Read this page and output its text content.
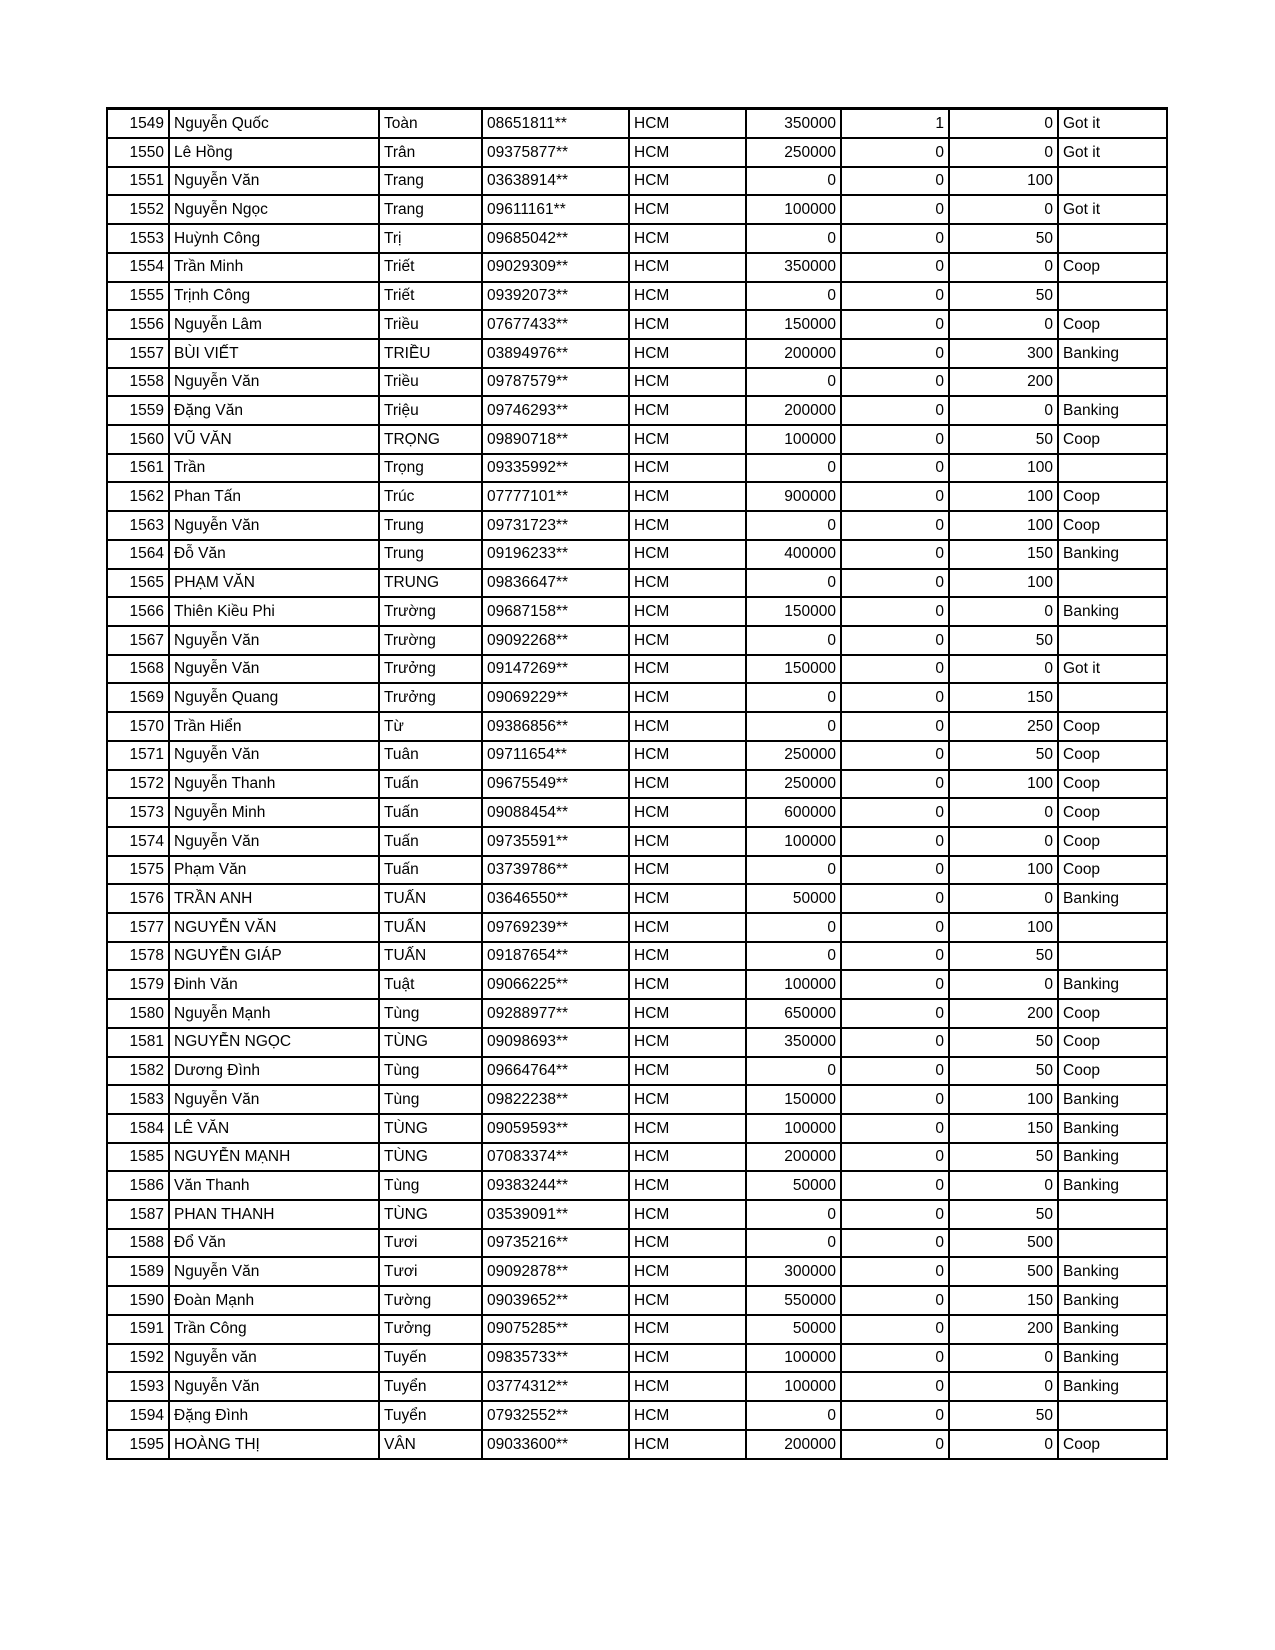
1549	Nguyễn Quốc	Toàn	08651811**	HCM	350000	1	0	Got it
1550	Lê Hồng	Trân	09375877**	HCM	250000	0	0	Got it
1551	Nguyễn Văn	Trang	03638914**	HCM	0	0	100	
1552	Nguyễn Ngọc	Trang	09611161**	HCM	100000	0	0	Got it
1553	Huỳnh Công	Trị	09685042**	HCM	0	0	50	
1554	Trần Minh	Triết	09029309**	HCM	350000	0	0	Coop
1555	Trịnh Công	Triết	09392073**	HCM	0	0	50	
1556	Nguyễn Lâm	Triều	07677433**	HCM	150000	0	0	Coop
1557	BÙI VIẾT	TRIỀU	03894976**	HCM	200000	0	300	Banking
1558	Nguyễn Văn	Triều	09787579**	HCM	0	0	200	
1559	Đặng Văn	Triệu	09746293**	HCM	200000	0	0	Banking
1560	VŨ VĂN	TRỌNG	09890718**	HCM	100000	0	50	Coop
1561	Trần	Trọng	09335992**	HCM	0	0	100	
1562	Phan Tấn	Trúc	07777101**	HCM	900000	0	100	Coop
1563	Nguyễn Văn	Trung	09731723**	HCM	0	0	100	Coop
1564	Đỗ Văn	Trung	09196233**	HCM	400000	0	150	Banking
1565	PHẠM VĂN	TRUNG	09836647**	HCM	0	0	100	
1566	Thiên Kiều Phi	Trường	09687158**	HCM	150000	0	0	Banking
1567	Nguyễn Văn	Trường	09092268**	HCM	0	0	50	
1568	Nguyễn Văn	Trưởng	09147269**	HCM	150000	0	0	Got it
1569	Nguyễn Quang	Trưởng	09069229**	HCM	0	0	150	
1570	Trần Hiển	Từ	09386856**	HCM	0	0	250	Coop
1571	Nguyễn Văn	Tuân	09711654**	HCM	250000	0	50	Coop
1572	Nguyễn Thanh	Tuấn	09675549**	HCM	250000	0	100	Coop
1573	Nguyễn Minh	Tuấn	09088454**	HCM	600000	0	0	Coop
1574	Nguyễn Văn	Tuấn	09735591**	HCM	100000	0	0	Coop
1575	Phạm Văn	Tuấn	03739786**	HCM	0	0	100	Coop
1576	TRẦN ANH	TUẤN	03646550**	HCM	50000	0	0	Banking
1577	NGUYỄN VĂN	TUẤN	09769239**	HCM	0	0	100	
1578	NGUYỄN GIÁP	TUẤN	09187654**	HCM	0	0	50	
1579	Đinh Văn	Tuật	09066225**	HCM	100000	0	0	Banking
1580	Nguyễn Mạnh	Tùng	09288977**	HCM	650000	0	200	Coop
1581	NGUYỄN NGỌC	TÙNG	09098693**	HCM	350000	0	50	Coop
1582	Dương Đình	Tùng	09664764**	HCM	0	0	50	Coop
1583	Nguyễn Văn	Tùng	09822238**	HCM	150000	0	100	Banking
1584	LÊ VĂN	TÙNG	09059593**	HCM	100000	0	150	Banking
1585	NGUYỄN MẠNH	TÙNG	07083374**	HCM	200000	0	50	Banking
1586	Văn Thanh	Tùng	09383244**	HCM	50000	0	0	Banking
1587	PHAN THANH	TÙNG	03539091**	HCM	0	0	50	
1588	Đổ Văn	Tươi	09735216**	HCM	0	0	500	
1589	Nguyễn Văn	Tươi	09092878**	HCM	300000	0	500	Banking
1590	Đoàn Mạnh	Tường	09039652**	HCM	550000	0	150	Banking
1591	Trần Công	Tưởng	09075285**	HCM	50000	0	200	Banking
1592	Nguyễn văn	Tuyến	09835733**	HCM	100000	0	0	Banking
1593	Nguyễn Văn	Tuyển	03774312**	HCM	100000	0	0	Banking
1594	Đặng Đình	Tuyển	07932552**	HCM	0	0	50	
1595	HOÀNG THỊ	VÂN	09033600**	HCM	200000	0	0	Coop
